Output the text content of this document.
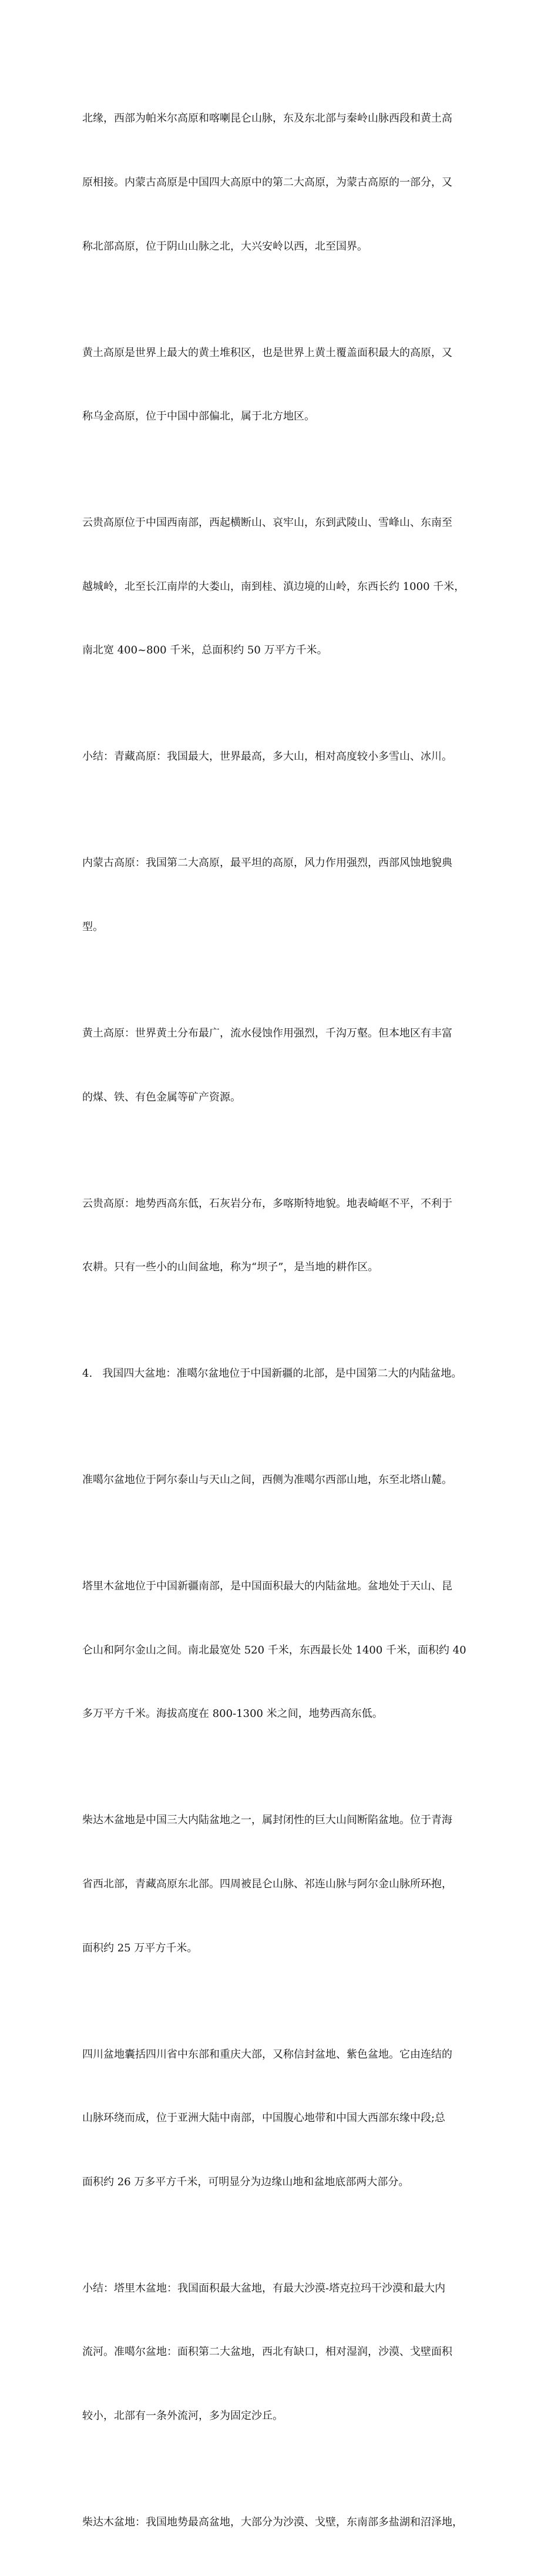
北缘，西部为帕米尔高原和喀喇昆仑山脉，东及东北部与秦岭山脉西段和黄土高

原相接。内蒙古高原是中国四大高原中的第二大高原，为蒙古高原的一部分，又

称北部高原，位于阴山山脉之北，大兴安岭以西，北至国界。

黄土高原是世界上最大的黄土堆积区，也是世界上黄土覆盖面积最大的高原，又

称乌金高原，位于中国中部偏北，属于北方地区。

云贵高原位于中国西南部，西起横断山、哀牢山，东到武陵山、雪峰山、东南至

越城岭，北至长江南岸的大娄山，南到桂、滇边境的山岭，东西长约 1000 千米，

南北宽 400~800 千米，总面积约 50 万平方千米。

小结：青藏高原：我国最大，世界最高，多大山，相对高度较小多雪山、冰川。

内蒙古高原：我国第二大高原，最平坦的高原，风力作用强烈，西部风蚀地貌典

型。

黄土高原：世界黄土分布最广，流水侵蚀作用强烈，千沟万壑。但本地区有丰富

的煤、铁、有色金属等矿产资源。

云贵高原：地势西高东低，石灰岩分布，多喀斯特地貌。地表崎岖不平，不利于

农耕。只有一些小的山间盆地，称为“坝子”，是当地的耕作区。

4.   我国四大盆地：准噶尔盆地位于中国新疆的北部，是中国第二大的内陆盆地。

准噶尔盆地位于阿尔泰山与天山之间，西侧为准噶尔西部山地，东至北塔山麓。

塔里木盆地位于中国新疆南部，是中国面积最大的内陆盆地。盆地处于天山、昆

仑山和阿尔金山之间。南北最宽处 520 千米，东西最长处 1400 千米，面积约 40

多万平方千米。海拔高度在 800-1300 米之间，地势西高东低。

柴达木盆地是中国三大内陆盆地之一，属封闭性的巨大山间断陷盆地。位于青海

省西北部，青藏高原东北部。四周被昆仑山脉、祁连山脉与阿尔金山脉所环抱，

面积约 25 万平方千米。

四川盆地囊括四川省中东部和重庆大部，又称信封盆地、紫色盆地。它由连结的

山脉环绕而成，位于亚洲大陆中南部，中国腹心地带和中国大西部东缘中段;总

面积约 26 万多平方千米，可明显分为边缘山地和盆地底部两大部分。

小结：塔里木盆地：我国面积最大盆地，有最大沙漠-塔克拉玛干沙漠和最大内

流河。准噶尔盆地：面积第二大盆地，西北有缺口，相对湿润，沙漠、戈壁面积

较小，北部有一条外流河，多为固定沙丘。

柴达木盆地：我国地势最高盆地，大部分为沙漠、戈壁，东南部多盐湖和沼泽地，
